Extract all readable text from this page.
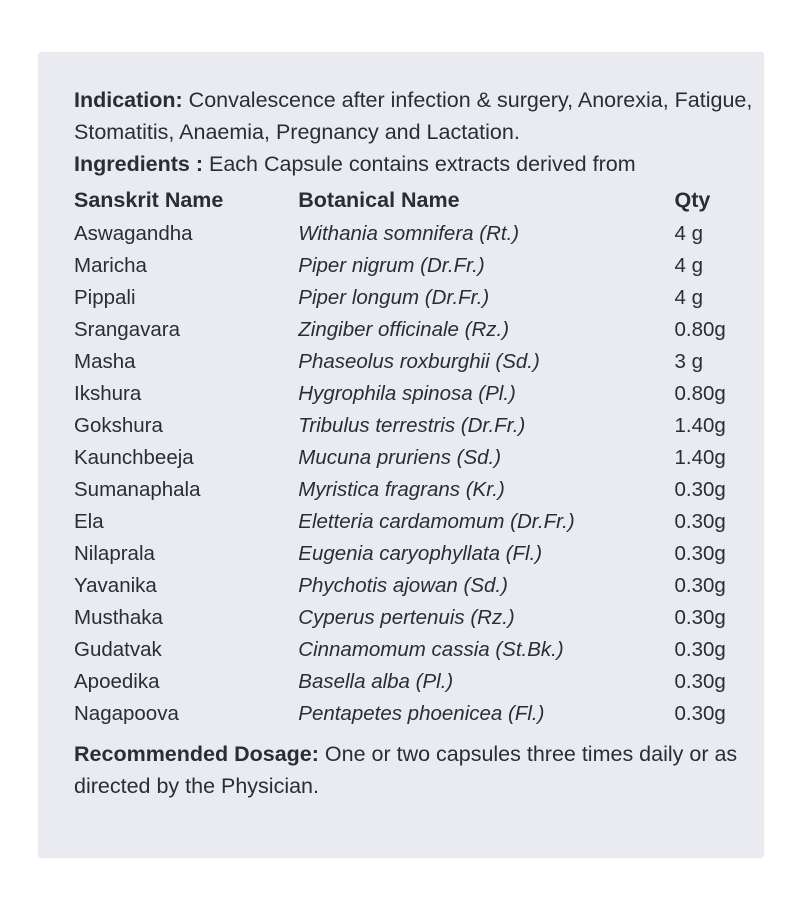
Indication: Convalescence after infection & surgery, Anorexia, Fatigue, Stomatitis, Anaemia, Pregnancy and Lactation.

Ingredients : Each Capsule contains extracts derived from

Sanskrit Name	Botanical Name	Qty
Aswagandha	Withania somnifera (Rt.)	4 g
Maricha	Piper nigrum (Dr.Fr.)	4 g
Pippali	Piper longum (Dr.Fr.)	4 g
Srangavara	Zingiber officinale (Rz.)	0.80g
Masha	Phaseolus roxburghii (Sd.)	3 g
Ikshura	Hygrophila spinosa (Pl.)	0.80g
Gokshura	Tribulus terrestris (Dr.Fr.)	1.40g
Kaunchbeeja	Mucuna pruriens (Sd.)	1.40g
Sumanaphala	Myristica fragrans (Kr.)	0.30g
Ela	Eletteria cardamomum (Dr.Fr.)	0.30g
Nilaprala	Eugenia caryophyllata (Fl.)	0.30g
Yavanika	Phychotis ajowan (Sd.)	0.30g
Musthaka	Cyperus pertenuis (Rz.)	0.30g
Gudatvak	Cinnamomum cassia (St.Bk.)	0.30g
Apoedika	Basella alba (Pl.)	0.30g
Nagapoova	Pentapetes phoenicea (Fl.)	0.30g

Recommended Dosage: One or two capsules three times daily or as directed by the Physician.
